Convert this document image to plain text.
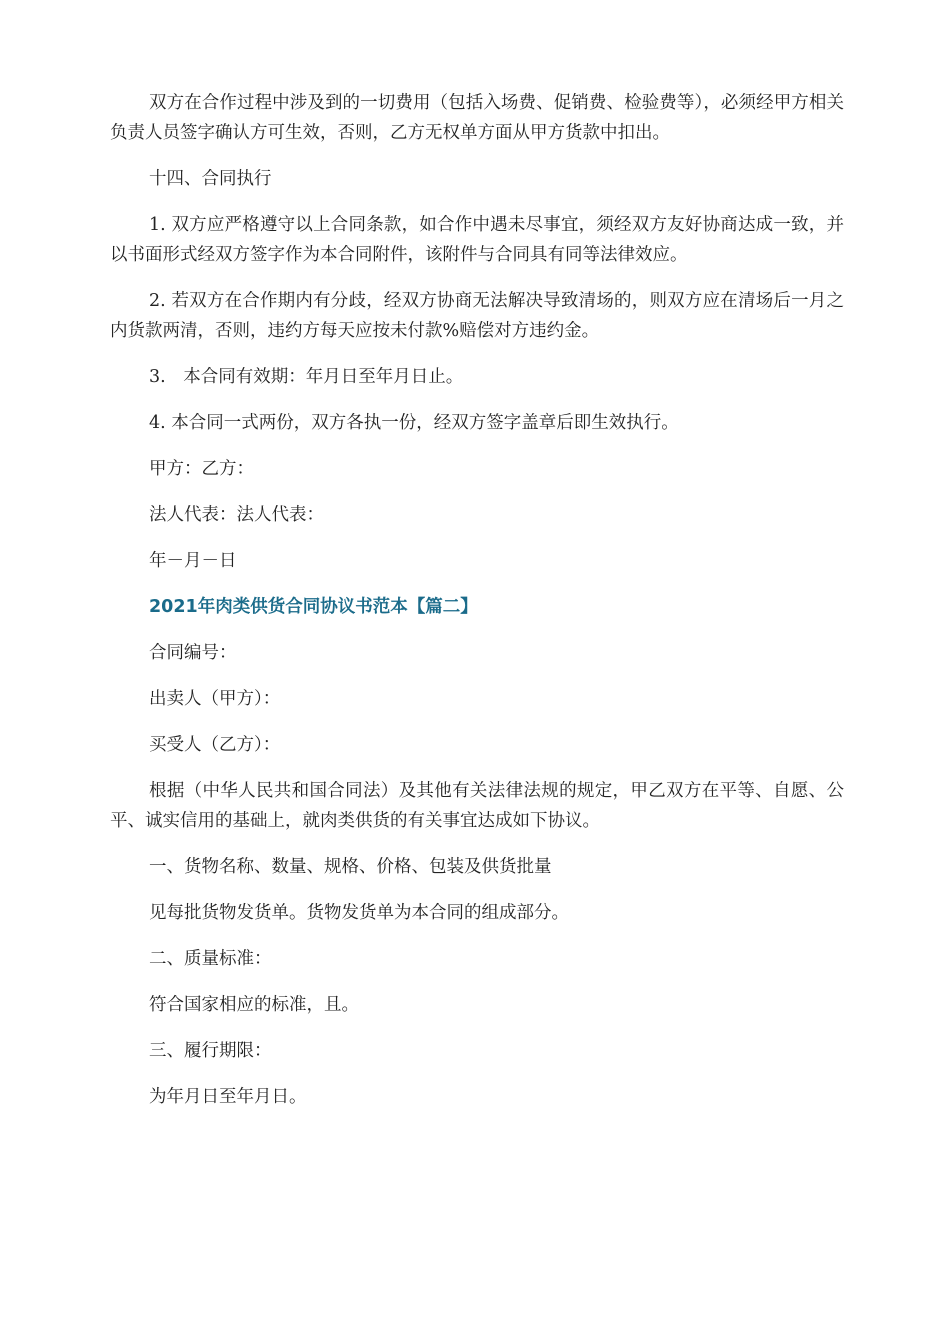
双方在合作过程中涉及到的一切费用（包括入场费、促销费、检验费等），必须经甲方相关负责人员签字确认方可生效，否则，乙方无权单方面从甲方货款中扣出。

十四、合同执行

1. 双方应严格遵守以上合同条款，如合作中遇未尽事宜，须经双方友好协商达成一致，并以书面形式经双方签字作为本合同附件，该附件与合同具有同等法律效应。

2. 若双方在合作期内有分歧，经双方协商无法解决导致清场的，则双方应在清场后一月之内货款两清，否则，违约方每天应按未付款%赔偿对方违约金。

3.　本合同有效期：年月日至年月日止。

4. 本合同一式两份，双方各执一份，经双方签字盖章后即生效执行。

甲方：乙方：

法人代表：法人代表：

年－月－日

2021年肉类供货合同协议书范本【篇二】

合同编号：

出卖人（甲方）：

买受人（乙方）：

根据（中华人民共和国合同法）及其他有关法律法规的规定，甲乙双方在平等、自愿、公平、诚实信用的基础上，就肉类供货的有关事宜达成如下协议。

一、货物名称、数量、规格、价格、包装及供货批量

见每批货物发货单。货物发货单为本合同的组成部分。

二、质量标准：

符合国家相应的标准，且。

三、履行期限：

为年月日至年月日。
